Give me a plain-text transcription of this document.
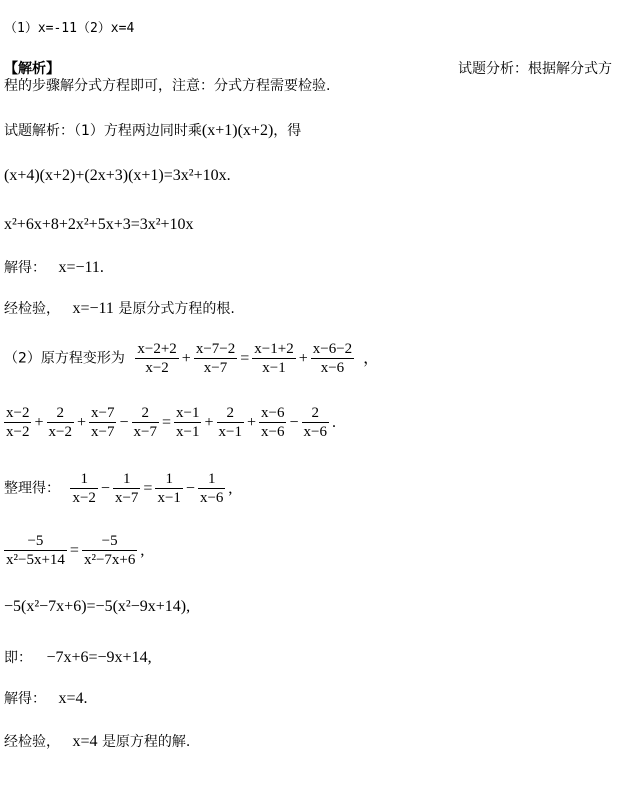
（1）x=-11（2）x=4
【解析】	试题分析：根据解分式方
程的步骤解分式方程即可，注意：分式方程需要检验.
试题解析：（1）方程两边同时乘(x+1)(x+2)，得
(x+4)(x+2)+(2x+3)(x+1)=3x²+10x.
x²+6x+8+2x²+5x+3=3x²+10x
解得： x=−11.
经检验， x=−11 是原分式方程的根.
（2）原方程变形为 $\frac{x-2+2}{x-2} + \frac{x-7-2}{x-7} = \frac{x-1+2}{x-1} + \frac{x-6-2}{x-6}$ ，
$\frac{x-2}{x-2} + \frac{2}{x-2} + \frac{x-7}{x-7} - \frac{2}{x-7} = \frac{x-1}{x-1} + \frac{2}{x-1} + \frac{x-6}{x-6} - \frac{2}{x-6}$ .
整理得： $\frac{1}{x-2} - \frac{1}{x-7} = \frac{1}{x-1} - \frac{1}{x-6}$ ,
$\frac{-5}{\text{x²−5x+14}} = \frac{-5}{\text{x²−7x+6}}$ ,
−5(x²−7x+6)=−5(x²−9x+14),
即： −7x+6=−9x+14,
解得： x=4.
经检验， x=4 是原方程的解.
